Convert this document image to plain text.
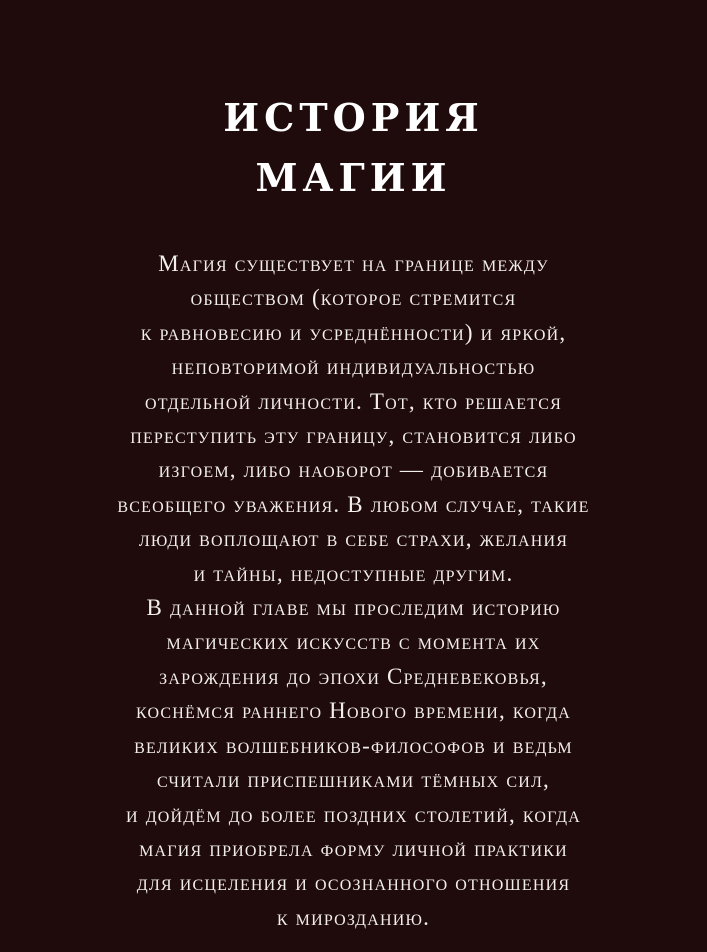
ИСТОРИЯ
МАГИИ
Магия существует на границе между
обществом (которое стремится
к равновесию и усреднённости) и яркой,
неповторимой индивидуальностью
отдельной личности. Тот, кто решается
переступить эту границу, становится либо
изгоем, либо наоборот — добивается
всеобщего уважения. В любом случае, такие
люди воплощают в себе страхи, желания
и тайны, недоступные другим.
В данной главе мы проследим историю
магических искусств с момента их
зарождения до эпохи Средневековья,
коснёмся раннего Нового времени, когда
великих волшебников-философов и ведьм
считали приспешниками тёмных сил,
и дойдём до более поздних столетий, когда
магия приобрела форму личной практики
для исцеления и осознанного отношения
к мирозданию.
